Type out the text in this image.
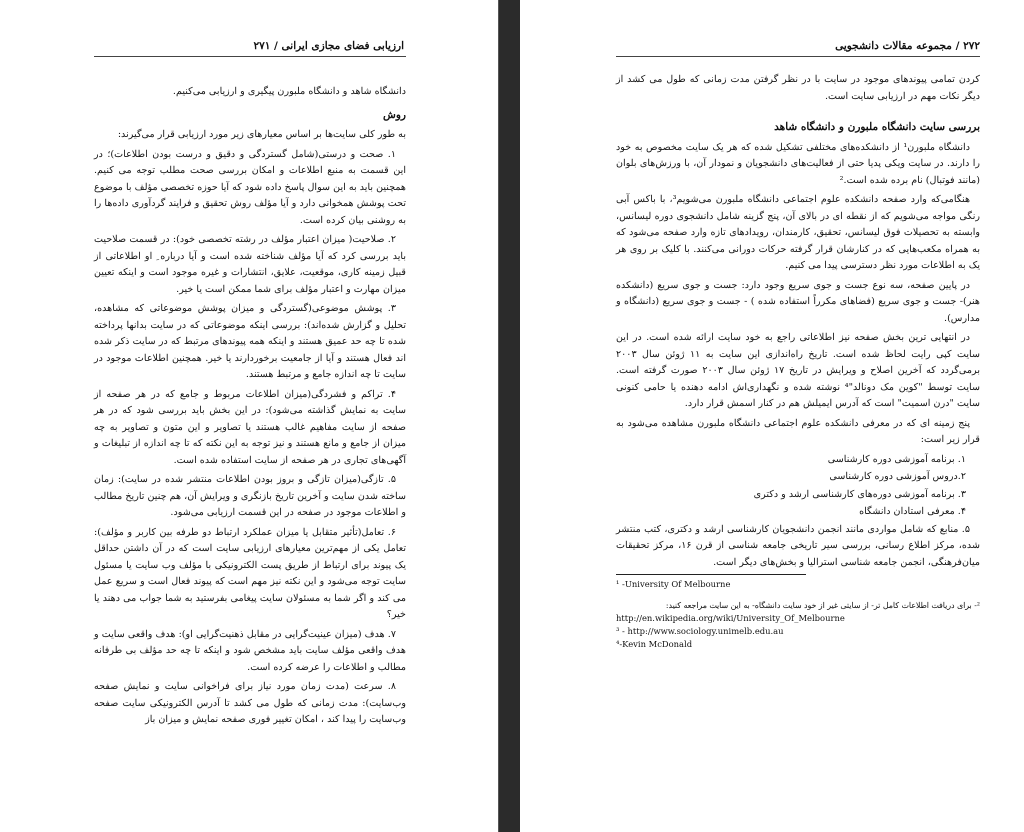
ارزیابی فضای مجازی ایرانی / ۲۷۱

دانشگاه شاهد و دانشگاه ملبورن پیگیری و ارزیابی می‌کنیم.

روش

به طور کلی سایت‌ها بر اساس معیارهای زیر مورد ارزیابی قرار می‌گیرند:

۱. صحت و درستی(شامل گستردگی و دقیق و درست بودن اطلاعات)؛ در این قسمت به منبع اطلاعات و امکان بررسی صحت مطلب توجه می کنیم. همچنین باید به این سوال پاسخ داده شود که آیا حوزه تخصصی مؤلف با موضوع تحت پوشش همخوانی دارد و آیا مؤلف روش تحقیق و فرایند گردآوری داده‌ها را به روشنی بیان کرده است.

۲. صلاحیت( میزان اعتبار مؤلف در رشته تخصصی خود): در قسمت صلاحیت باید بررسی کرد که آیا مؤلف شناخته شده است و آیا درباره ِ او اطلاعاتی از قبیل زمینه کاری، موقعیت، علایق، انتشارات و غیره موجود است و اینکه تعیین میزان مهارت و اعتبار مؤلف برای شما ممکن است یا خیر.

۳. پوشش موضوعی(گستردگی و میزان پوشش موضوعاتی که مشاهده، تحلیل و گزارش شده‌اند): بررسی اینکه موضوعاتی که در سایت بدانها پرداخته شده تا چه حد عمیق هستند و اینکه همه پیوندهای مرتبط که در سایت ذکر شده اند فعال هستند و آیا از جامعیت برخوردارند یا خیر. همچنین اطلاعات موجود در سایت تا چه اندازه جامع و مرتبط هستند.

۴. تراکم و فشردگی(میزان اطلاعات مربوط و جامع که در هر صفحه از سایت به نمایش گذاشته می‌شود): در این بخش باید بررسی شود که در هر صفحه از سایت مفاهیم غالب هستند یا تصاویر و این متون و تصاویر به چه میزان از جامع و مانع هستند و نیز توجه به این نکته که تا چه اندازه از تبلیغات و آگهی‌های تجاری در هر صفحه از سایت استفاده شده است.

۵. تازگی(میزان تازگی و بروز بودن اطلاعات منتشر شده در سایت): زمان ساخته شدن سایت و آخرین تاریخ بازنگری و ویرایش آن، هم چنین تاریخ مطالب و اطلاعات موجود در صفحه در این قسمت ارزیابی می‌شود.

۶. تعامل(تأثیر متقابل یا میزان عملکرد ارتباط دو طرفه بین کاربر و مؤلف): تعامل یکی از مهم‌ترین معیارهای ارزیابی سایت است که در آن داشتن حداقل یک پیوند برای ارتباط از طریق پست الکترونیکی با مؤلف وب سایت یا مسئول سایت توجه می‌شود و این نکته نیز مهم است که پیوند فعال است و سریع عمل می کند و اگر شما به مسئولان سایت پیغامی بفرستید به شما جواب می دهند یا خیر؟

۷. هدف (میزان عینیت‌گرایی در مقابل ذهنیت‌گرایی او): هدف واقعی سایت و هدف واقعی مؤلف سایت باید مشخص شود و اینکه تا چه حد مؤلف بی طرفانه مطالب و اطلاعات را عرضه کرده است.

۸. سرعت (مدت زمان مورد نیاز برای فراخوانی سایت و نمایش صفحه وب‌سایت): مدت زمانی که طول می کشد تا آدرس الکترونیکی سایت صفحه وب‌سایت را پیدا کند ، امکان تغییر فوری صفحه نمایش و میزان باز

۲۷۲ / مجموعه مقالات دانشجویی

کردن تمامی پیوندهای موجود در سایت با در نظر گرفتن مدت زمانی که طول می کشد از دیگر نکات مهم در ارزیابی سایت است.

بررسی سایت دانشگاه ملبورن و دانشگاه شاهد

دانشگاه ملبورن¹ از دانشکده‌های مختلفی تشکیل شده که هر یک سایت مخصوص به خود را دارند. در سایت ویکی پدیا حتی از فعالیت‌های دانشجویان و نمودار آن، با ورزش‌های بلوان (مانند فوتبال) نام برده شده است.²

هنگامی‌که وارد صفحه دانشکده علوم اجتماعی دانشگاه ملبورن می‌شویم³، با باکس آبی رنگی مواجه می‌شویم که از نقطه ای در بالای آن، پنج گزینه شامل دانشجوی دوره لیسانس، وابسته به تحصیلات فوق لیسانس، تحقیق، کارمندان، رویدادهای تازه وارد صفحه می‌شود که به همراه مکعب‌هایی که در کنارشان قرار گرفته حرکات دورانی می‌کنند. با کلیک بر روی هر یک به اطلاعات مورد نظر دسترسی پیدا می کنیم.

در پایین صفحه، سه نوع جست و جوی سریع وجود دارد: جست و جوی سریع (دانشکده هنر)- جست و جوی سریع (فضاهای مکرراً استفاده شده ) - جست و جوی سریع (دانشگاه و مدارس).

در انتهایی ترین بخش صفحه نیز اطلاعاتی راجع به خود سایت ارائه شده است. در این سایت کپی رایت لحاظ شده است. تاریخ راه‌اندازی این سایت به ۱۱ ژوئن سال ۲۰۰۳ برمی‌گردد که آخرین اصلاح و ویرایش در تاریخ ۱۷ ژوئن سال ۲۰۰۳ صورت گرفته است. سایت توسط "کوین مک دونالد"⁴ نوشته شده و نگهداری‌اش ادامه دهنده یا حامی کنونی سایت "درن اسمیت" است که آدرس ایمیلش هم در کنار اسمش قرار دارد.

پنج زمینه ای که در معرفی دانشکده علوم اجتماعی دانشگاه ملبورن مشاهده می‌شود به قرار زیر است:

۱. برنامه آموزشی دوره کارشناسی

۲.دروس آموزشی دوره کارشناسی

۳. برنامه آموزشی دوره‌های کارشناسی ارشد و دکتری

۴. معرفی استادان دانشگاه

۵. منابع که شامل مواردی مانند انجمن دانشجویان کارشناسی ارشد و دکتری، کتب منتشر شده، مرکز اطلاع رسانی، بررسی سیر تاریخی جامعه شناسی از قرن ۱۶، مرکز تحقیقات میان‌فرهنگی، انجمن جامعه شناسی استرالیا و بخش‌های دیگر است.

¹ -University Of Melbourne

²- برای دریافت اطلاعات کامل تر- از سایتی غیر از خود سایت دانشگاه- به این سایت مراجعه کنید:

http://en.wikipedia.org/wiki/University_Of_Melbourne

³ - http://www.sociology.unimelb.edu.au

⁴-Kevin McDonald
